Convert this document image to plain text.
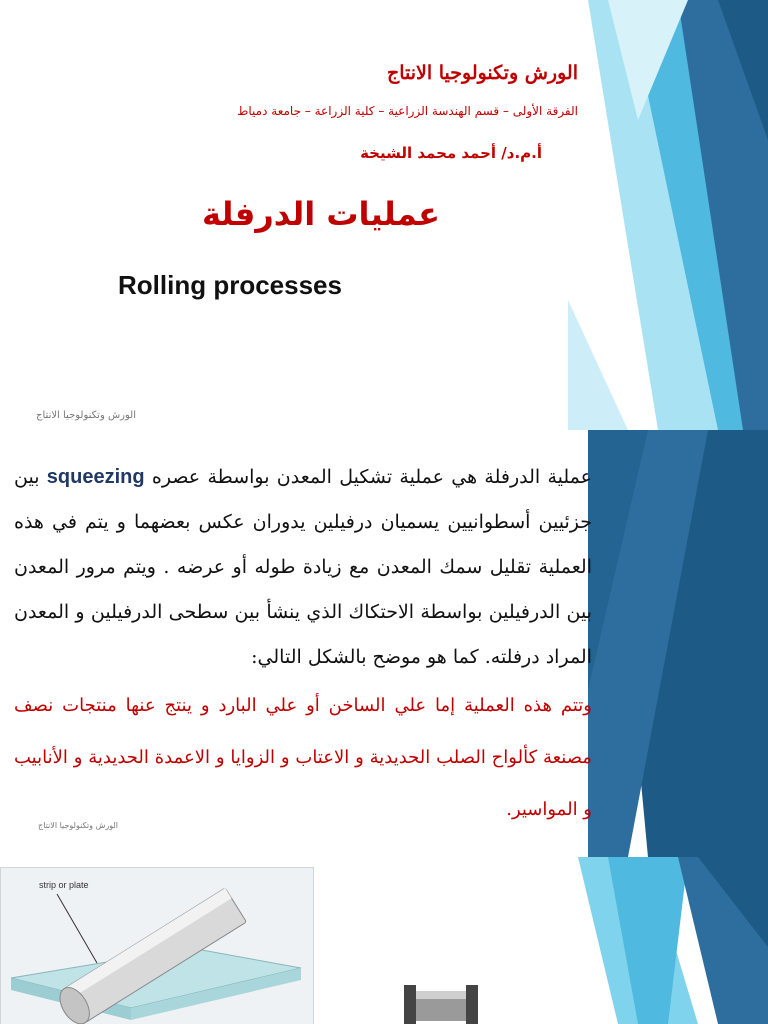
الورش وتكنولوجيا الانتاج
الفرقة الأولى – قسم الهندسة الزراعية – كلية الزراعة – جامعة دمياط
أ.م.د/ أحمد محمد الشيخة
عمليات الدرفلة
Rolling processes
الورش وتكنولوجيا الانتاج
عملية الدرفلة هي عملية تشكيل المعدن بواسطة عصره squeezing بين جزئيين أسطوانيين يسميان درفيلين يدوران عكس بعضهما و يتم في هذه العملية تقليل سمك المعدن مع زيادة طوله أو عرضه . ويتم مرور المعدن بين الدرفيلين بواسطة الاحتكاك الذي ينشأ بين سطحى الدرفيلين و المعدن المراد درفلته. كما هو موضح بالشكل التالي:
وتتم هذه العملية إما علي الساخن أو علي البارد و ينتج عنها منتجات نصف مصنعة كألواح الصلب الحديدية و الاعتاب و الزوايا و الاعمدة الحديدية و الأنابيب و المواسير.
الورش وتكنولوجيا الانتاج
strip or plate
